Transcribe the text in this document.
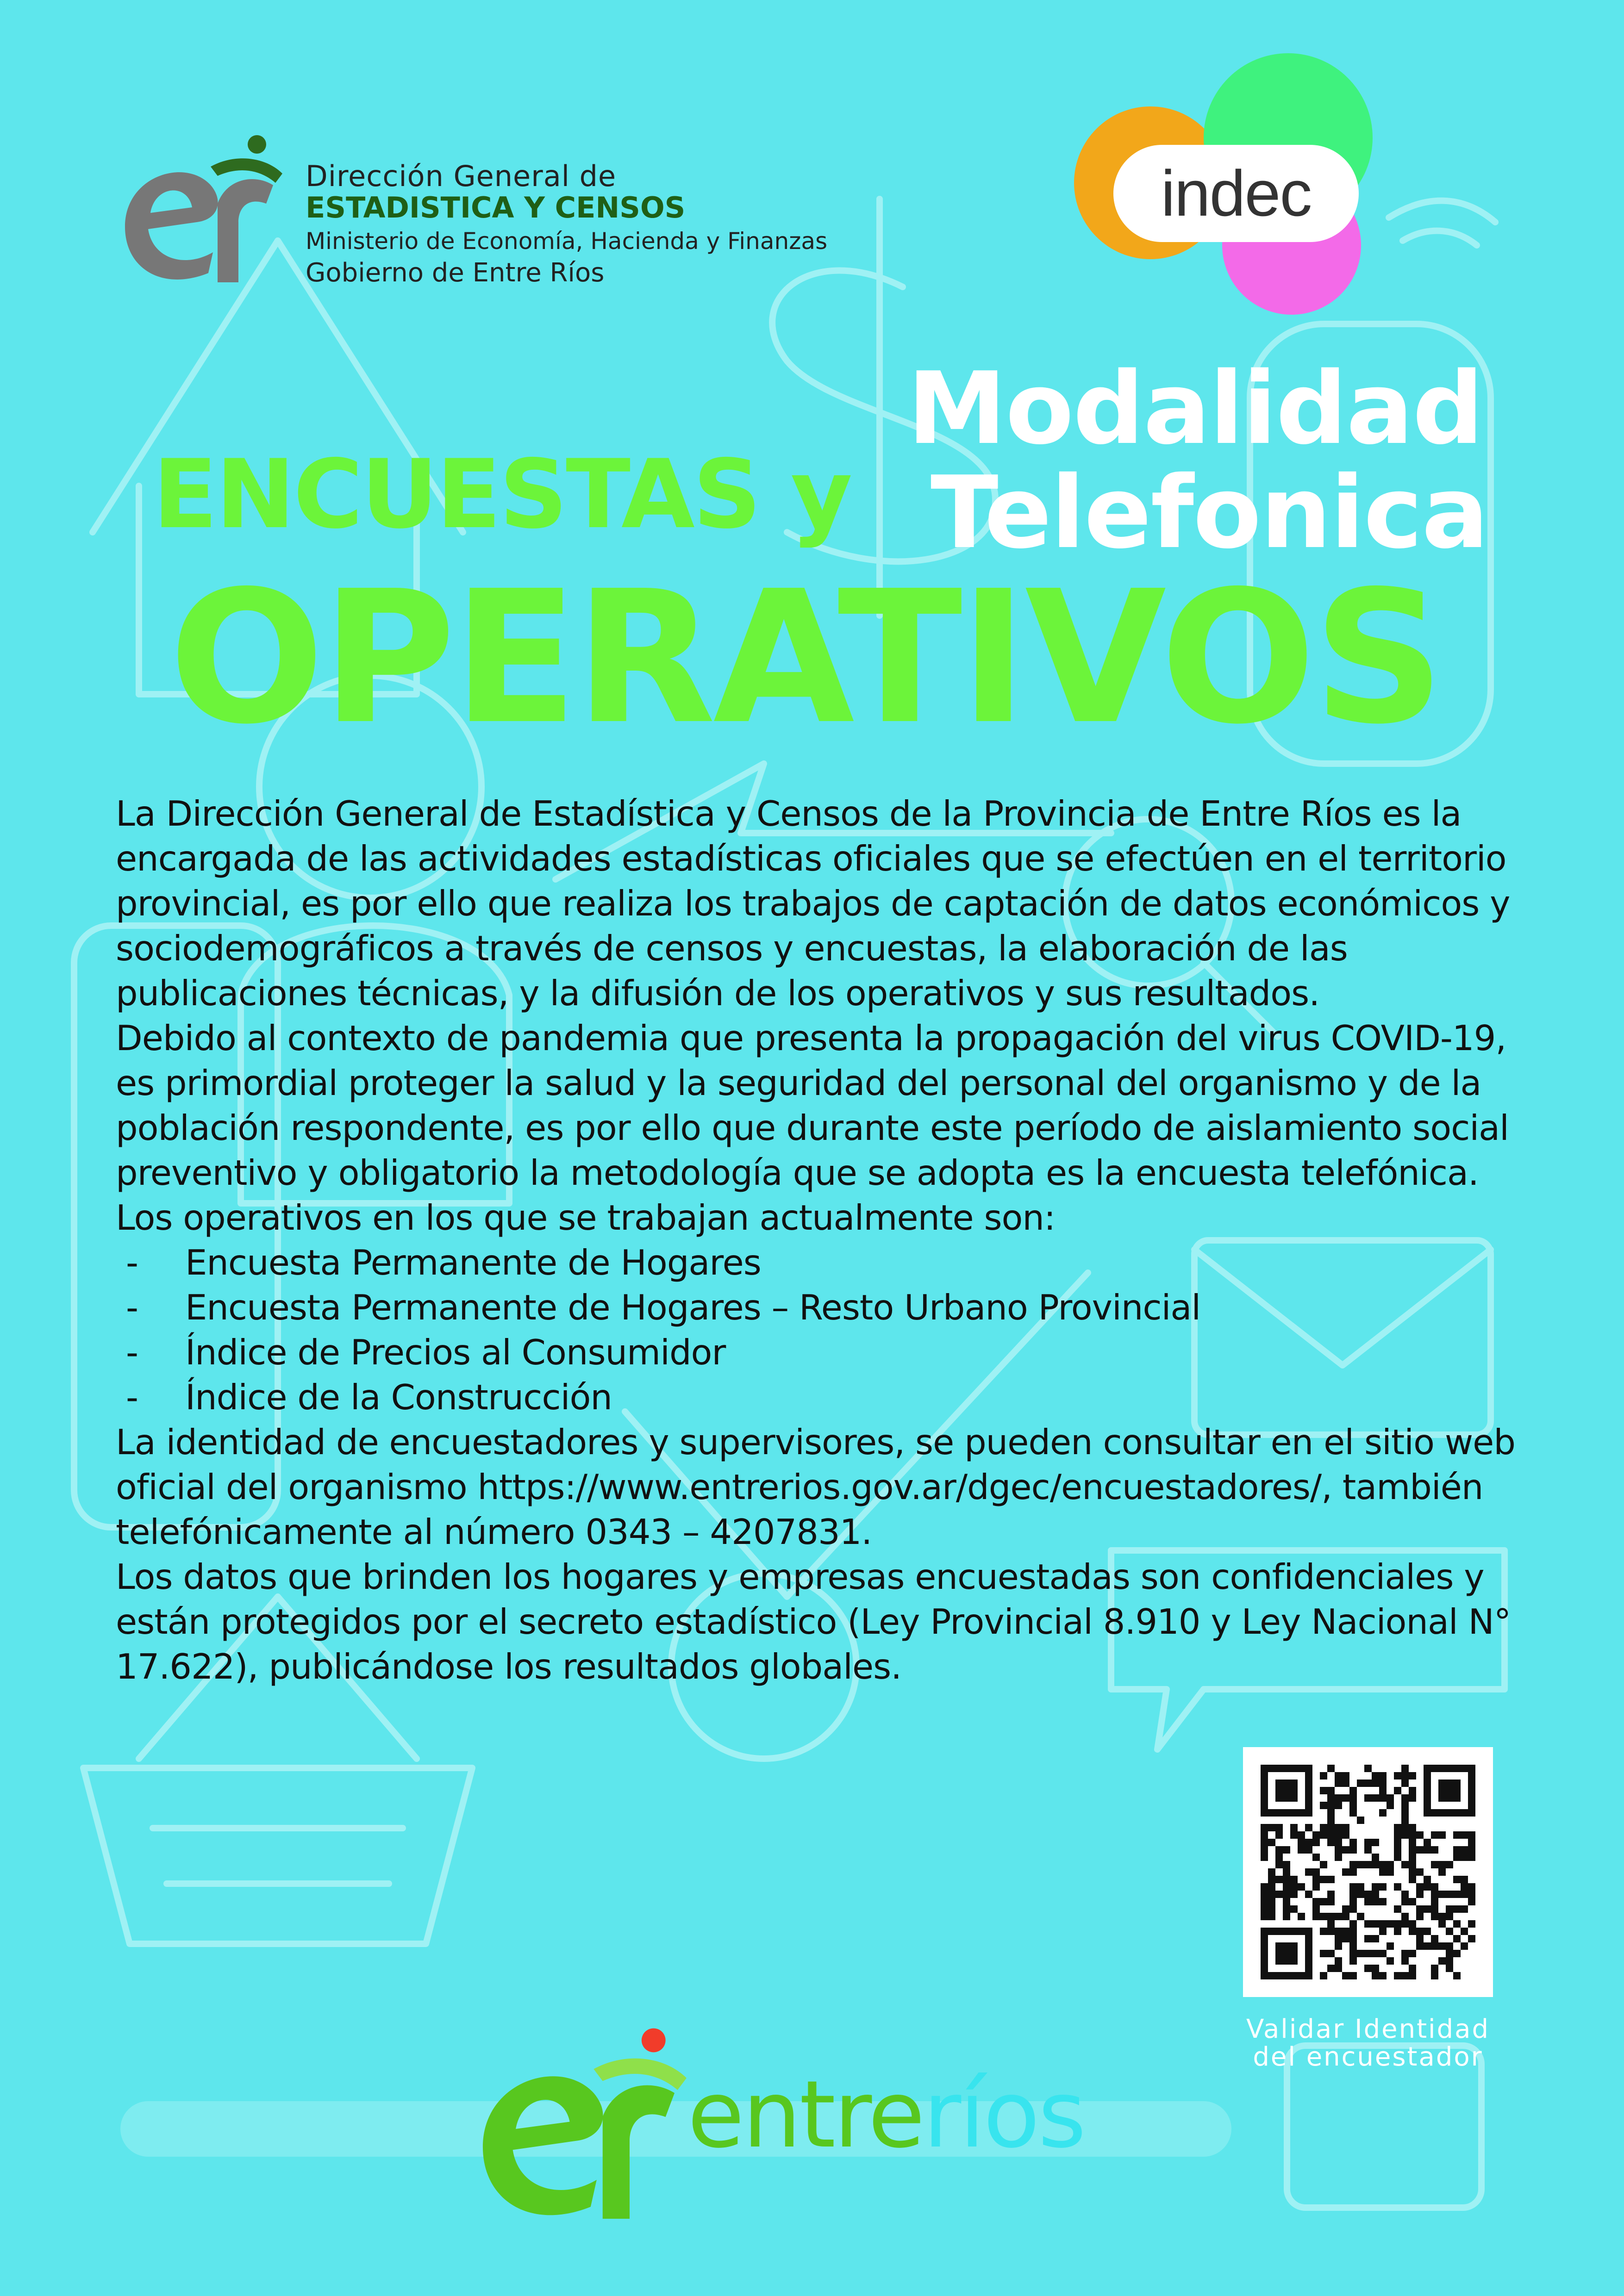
Dirección General de
ESTADISTICA Y CENSOS
Ministerio de Economía, Hacienda y Finanzas
Gobierno de Entre Ríos
indec
Modalidad
Telefonica
ENCUESTAS y
OPERATIVOS

La Dirección General de Estadística y Censos de la Provincia de Entre Ríos es la encargada de las actividades estadísticas oficiales que se efectúen en el territorio provincial, es por ello que realiza los trabajos de captación de datos económicos y sociodemográficos a través de censos y encuestas, la elaboración de las publicaciones técnicas, y la difusión de los operativos y sus resultados.

Debido al contexto de pandemia que presenta la propagación del virus COVID-19, es primordial proteger la salud y la seguridad del personal del organismo y de la población respondente, es por ello que durante este período de aislamiento social preventivo y obligatorio la metodología que se adopta es la encuesta telefónica.

Los operativos en los que se trabajan actualmente son:

- Encuesta Permanente de Hogares
- Encuesta Permanente de Hogares – Resto Urbano Provincial
- Índice de Precios al Consumidor
- Índice de la Construcción

La identidad de encuestadores y supervisores, se pueden consultar en el sitio web oficial del organismo https://www.entrerios.gov.ar/dgec/encuestadores/, también telefónicamente al número 0343 – 4207831.

Los datos que brinden los hogares y empresas encuestadas son confidenciales y están protegidos por el secreto estadístico (Ley Provincial 8.910 y Ley Nacional N° 17.622), publicándose los resultados globales.

Validar Identidad
del encuestador
entreríos
